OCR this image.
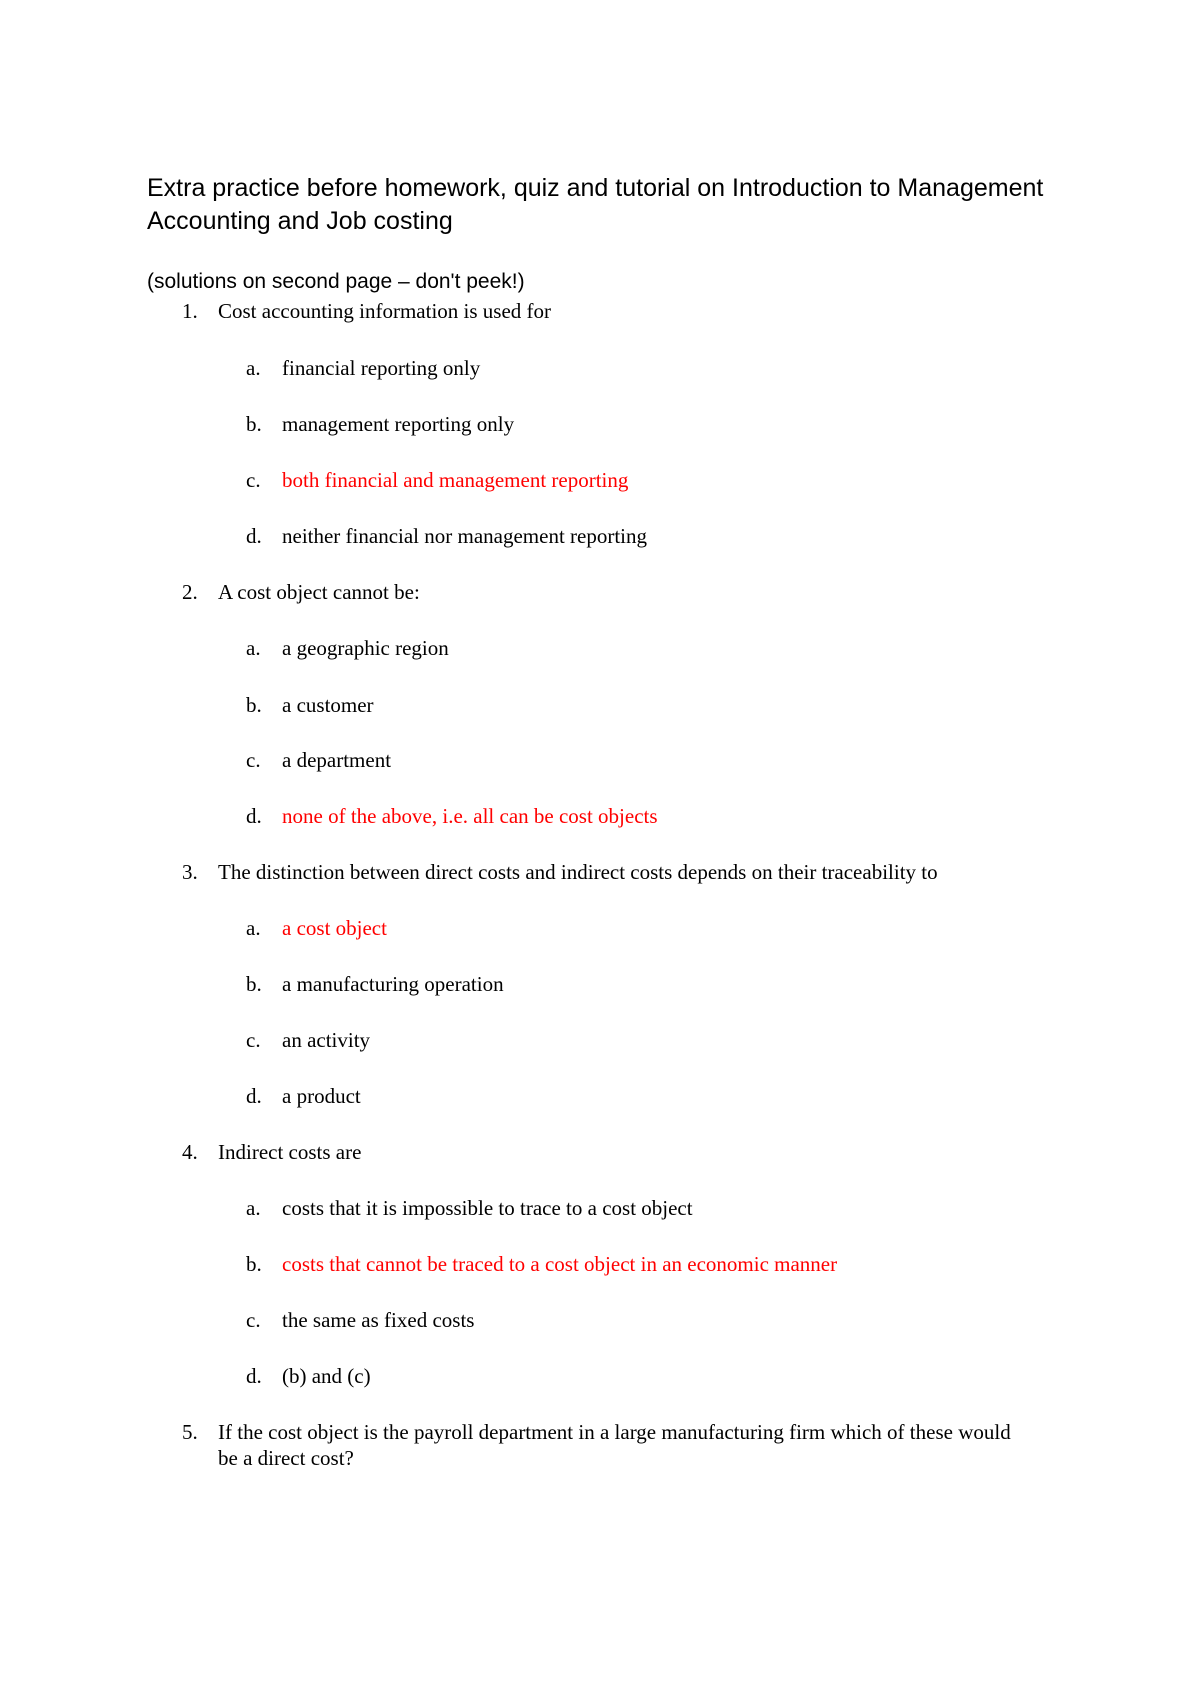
Extra practice before homework, quiz and tutorial on Introduction to Management Accounting and Job costing
(solutions on second page – don't peek!)
1. Cost accounting information is used for
a. financial reporting only
b. management reporting only
c. both financial and management reporting
d. neither financial nor management reporting
2. A cost object cannot be:
a. a geographic region
b. a customer
c. a department
d. none of the above, i.e. all can be cost objects
3. The distinction between direct costs and indirect costs depends on their traceability to
a. a cost object
b. a manufacturing operation
c. an activity
d. a product
4. Indirect costs are
a. costs that it is impossible to trace to a cost object
b. costs that cannot be traced to a cost object in an economic manner
c. the same as fixed costs
d. (b) and (c)
5. If the cost object is the payroll department in a large manufacturing firm which of these would be a direct cost?
